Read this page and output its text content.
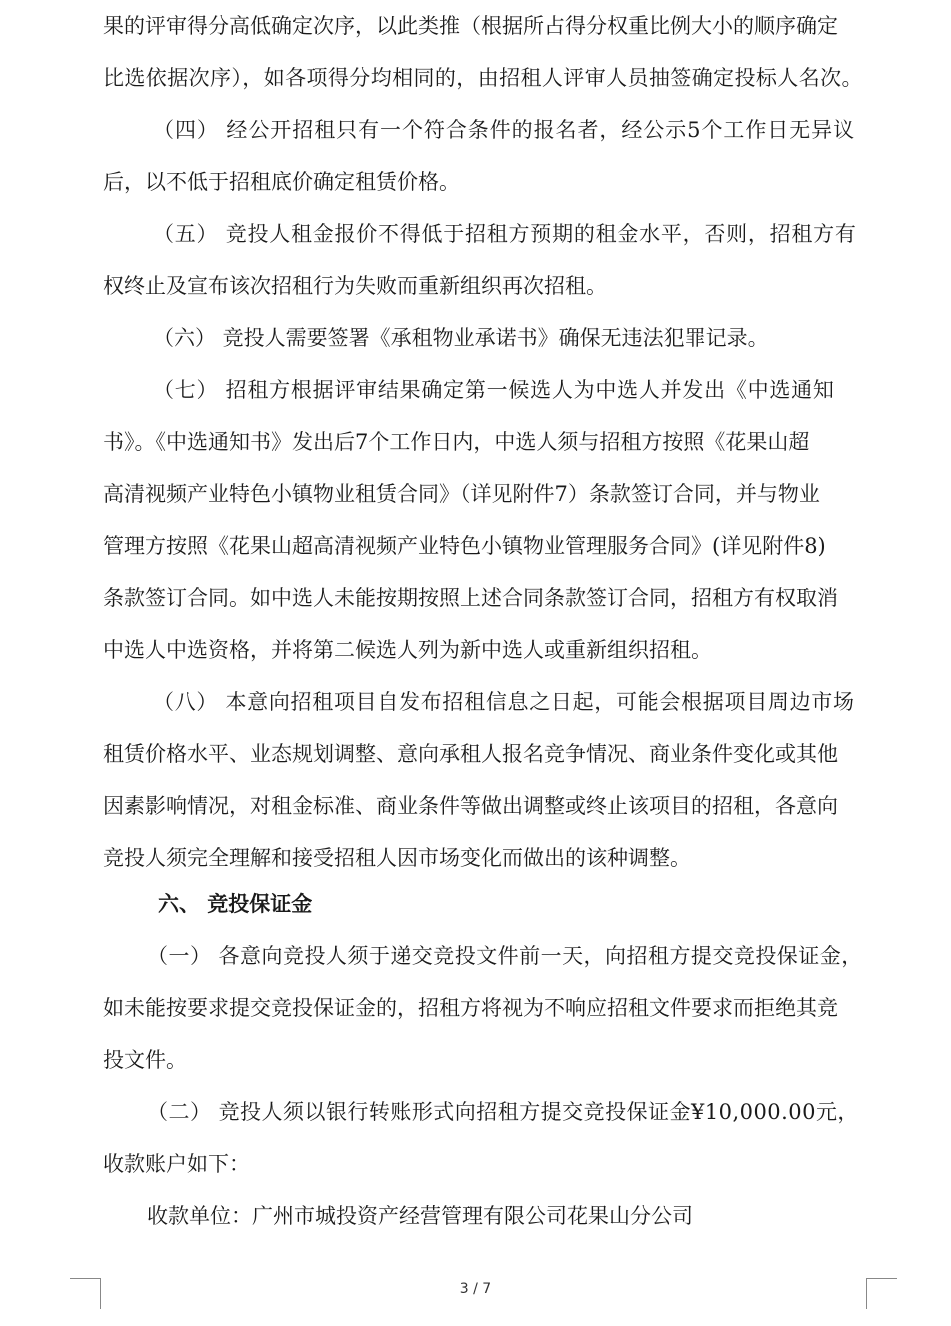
果的评审得分高低确定次序，以此类推（根据所占得分权重比例大小的顺序确定
比选依据次序），如各项得分均相同的，由招租人评审人员抽签确定投标人名次。
（四） 经公开招租只有一个符合条件的报名者，经公示5个工作日无异议
后，以不低于招租底价确定租赁价格。
（五） 竞投人租金报价不得低于招租方预期的租金水平，否则，招租方有
权终止及宣布该次招租行为失败而重新组织再次招租。
（六） 竞投人需要签署《承租物业承诺书》确保无违法犯罪记录。
（七） 招租方根据评审结果确定第一候选人为中选人并发出《中选通知
书》。《中选通知书》发出后7个工作日内，中选人须与招租方按照《花果山超
高清视频产业特色小镇物业租赁合同》（详见附件7）条款签订合同，并与物业
管理方按照《花果山超高清视频产业特色小镇物业管理服务合同》(详见附件8)
条款签订合同。如中选人未能按期按照上述合同条款签订合同，招租方有权取消
中选人中选资格，并将第二候选人列为新中选人或重新组织招租。
（八） 本意向招租项目自发布招租信息之日起，可能会根据项目周边市场
租赁价格水平、业态规划调整、意向承租人报名竞争情况、商业条件变化或其他
因素影响情况，对租金标准、商业条件等做出调整或终止该项目的招租，各意向
竞投人须完全理解和接受招租人因市场变化而做出的该种调整。
六、 竞投保证金
（一） 各意向竞投人须于递交竞投文件前一天，向招租方提交竞投保证金，
如未能按要求提交竞投保证金的，招租方将视为不响应招租文件要求而拒绝其竞
投文件。
（二） 竞投人须以银行转账形式向招租方提交竞投保证金¥10,000.00元，
收款账户如下：
收款单位：广州市城投资产经营管理有限公司花果山分公司
3 / 7
